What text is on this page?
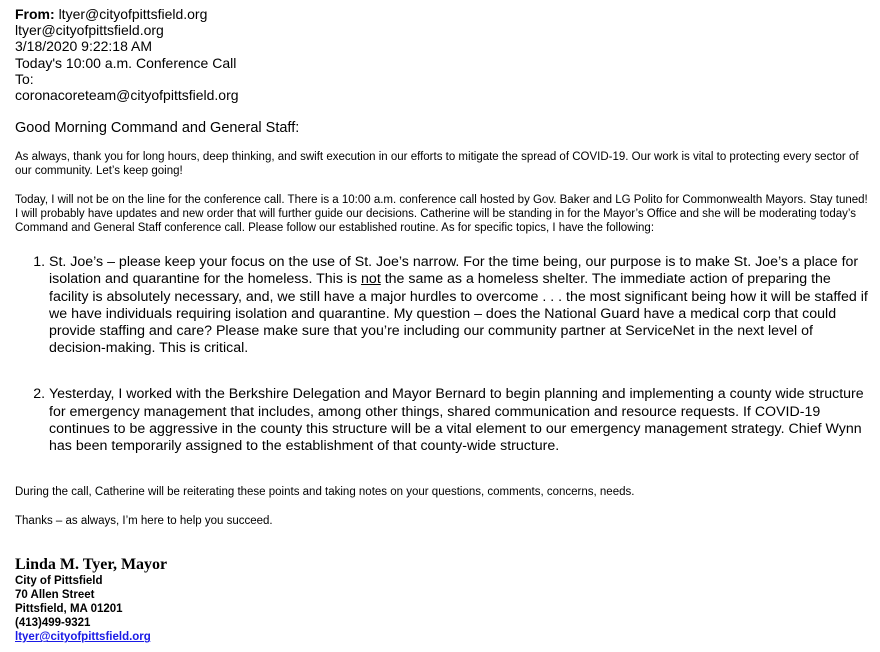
From: ltyer@cityofpittsfield.org
ltyer@cityofpittsfield.org
3/18/2020 9:22:18 AM
Today's 10:00 a.m. Conference Call
To:
coronacoreteam@cityofpittsfield.org
Good Morning Command and General Staff:
As always, thank you for long hours, deep thinking, and swift execution in our efforts to mitigate the spread of COVID-19. Our work is vital to protecting every sector of our community. Let’s keep going!
Today, I will not be on the line for the conference call. There is a 10:00 a.m. conference call hosted by Gov. Baker and LG Polito for Commonwealth Mayors. Stay tuned! I will probably have updates and new order that will further guide our decisions. Catherine will be standing in for the Mayor’s Office and she will be moderating today’s Command and General Staff conference call. Please follow our established routine. As for specific topics, I have the following:
1. St. Joe’s – please keep your focus on the use of St. Joe’s narrow. For the time being, our purpose is to make St. Joe’s a place for isolation and quarantine for the homeless. This is not the same as a homeless shelter. The immediate action of preparing the facility is absolutely necessary, and, we still have a major hurdles to overcome . . . the most significant being how it will be staffed if we have individuals requiring isolation and quarantine. My question – does the National Guard have a medical corp that could provide staffing and care? Please make sure that you’re including our community partner at ServiceNet in the next level of decision-making. This is critical.
2. Yesterday, I worked with the Berkshire Delegation and Mayor Bernard to begin planning and implementing a county wide structure for emergency management that includes, among other things, shared communication and resource requests. If COVID-19 continues to be aggressive in the county this structure will be a vital element to our emergency management strategy. Chief Wynn has been temporarily assigned to the establishment of that county-wide structure.
During the call, Catherine will be reiterating these points and taking notes on your questions, comments, concerns, needs.
Thanks – as always, I’m here to help you succeed.
Linda M. Tyer, Mayor
City of Pittsfield
70 Allen Street
Pittsfield, MA 01201
(413)499-9321
ltyer@cityofpittsfield.org
